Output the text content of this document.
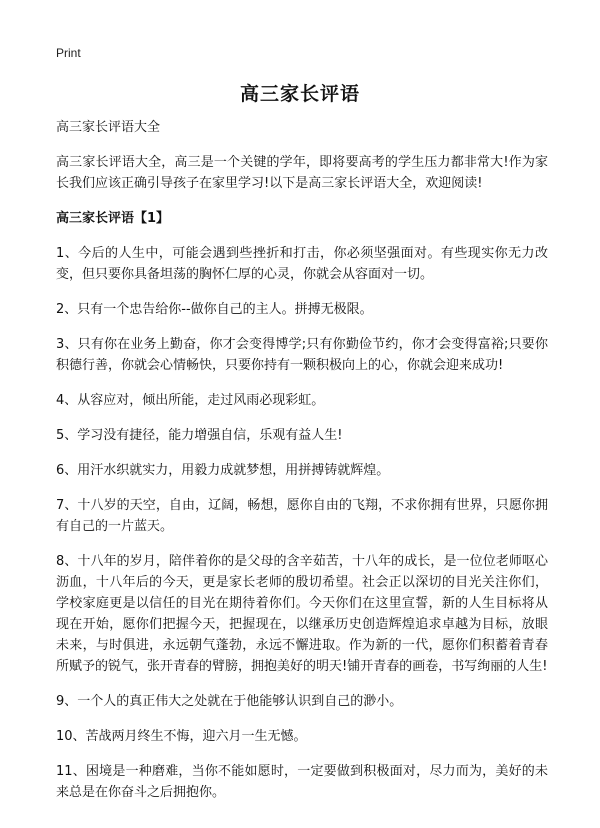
Print
高三家长评语

高三家长评语大全

高三家长评语大全，高三是一个关键的学年，即将要高考的学生压力都非常大!作为家长我们应该正确引导孩子在家里学习!以下是高三家长评语大全，欢迎阅读!

高三家长评语【1】

1、今后的人生中，可能会遇到些挫折和打击，你必须坚强面对。有些现实你无力改变，但只要你具备坦荡的胸怀仁厚的心灵，你就会从容面对一切。

2、只有一个忠告给你--做你自己的主人。拼搏无极限。

3、只有你在业务上勤奋，你才会变得博学;只有你勤俭节约，你才会变得富裕;只要你积德行善，你就会心情畅快，只要你持有一颗积极向上的心，你就会迎来成功!

4、从容应对，倾出所能，走过风雨必现彩虹。

5、学习没有捷径，能力增强自信，乐观有益人生!

6、用汗水织就实力，用毅力成就梦想，用拼搏铸就辉煌。

7、十八岁的天空，自由，辽阔，畅想，愿你自由的飞翔，不求你拥有世界，只愿你拥有自己的一片蓝天。

8、十八年的岁月，陪伴着你的是父母的含辛茹苦，十八年的成长，是一位位老师呕心沥血，十八年后的今天，更是家长老师的殷切希望。社会正以深切的目光关注你们，学校家庭更是以信任的目光在期待着你们。今天你们在这里宣誓，新的人生目标将从现在开始，愿你们把握今天，把握现在，以继承历史创造辉煌追求卓越为目标，放眼未来，与时俱进，永远朝气蓬勃，永远不懈进取。作为新的一代，愿你们积蓄着青春所赋予的锐气，张开青春的臂膀，拥抱美好的明天!铺开青春的画卷，书写绚丽的人生!

9、一个人的真正伟大之处就在于他能够认识到自己的渺小。

10、苦战两月终生不悔，迎六月一生无憾。

11、困境是一种磨难，当你不能如愿时，一定要做到积极面对，尽力而为，美好的未来总是在你奋斗之后拥抱你。
